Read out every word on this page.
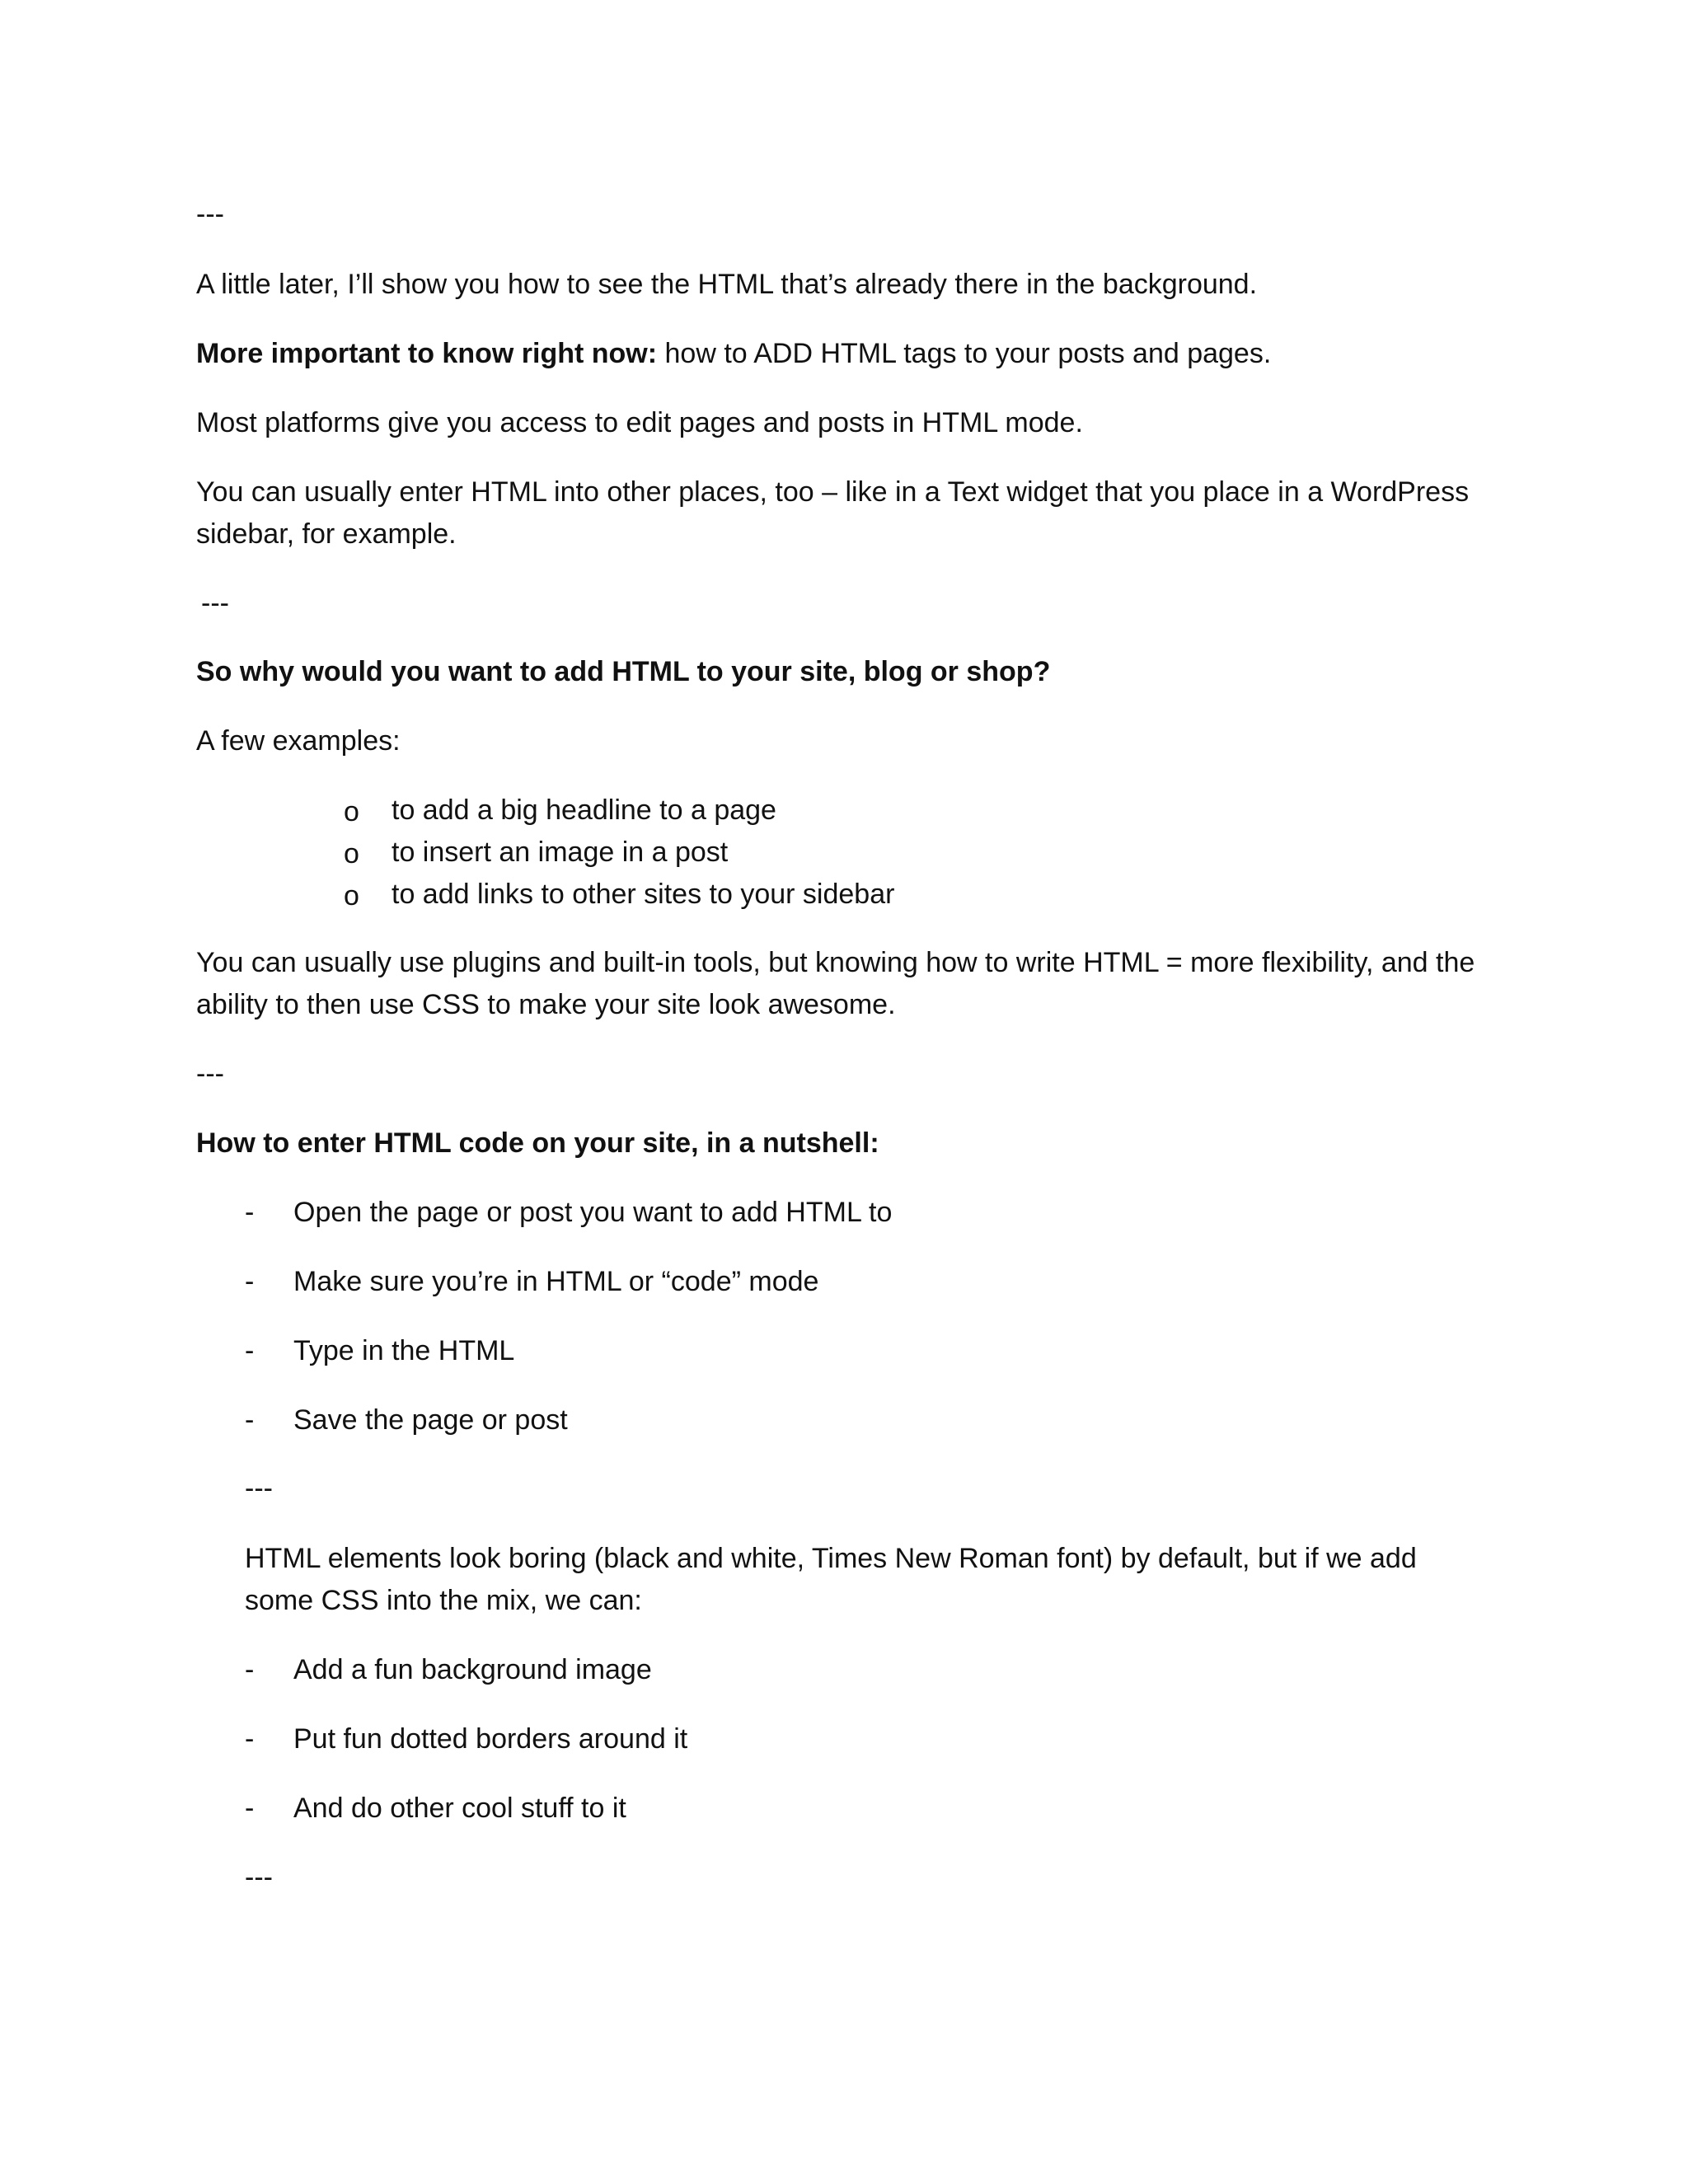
---
A little later, I’ll show you how to see the HTML that’s already there in the background.
More important to know right now: how to ADD HTML tags to your posts and pages.
Most platforms give you access to edit pages and posts in HTML mode.
You can usually enter HTML into other places, too – like in a Text widget that you place in a WordPress
sidebar, for example.
---
So why would you want to add HTML to your site, blog or shop?
A few examples:
o to add a big headline to a page
o to insert an image in a post
o to add links to other sites to your sidebar
You can usually use plugins and built-in tools, but knowing how to write HTML = more flexibility, and the
ability to then use CSS to make your site look awesome.
---
How to enter HTML code on your site, in a nutshell:
- Open the page or post you want to add HTML to
- Make sure you’re in HTML or “code” mode
- Type in the HTML
- Save the page or post
---
HTML elements look boring (black and white, Times New Roman font) by default, but if we add
some CSS into the mix, we can:
- Add a fun background image
- Put fun dotted borders around it
- And do other cool stuff to it
---
